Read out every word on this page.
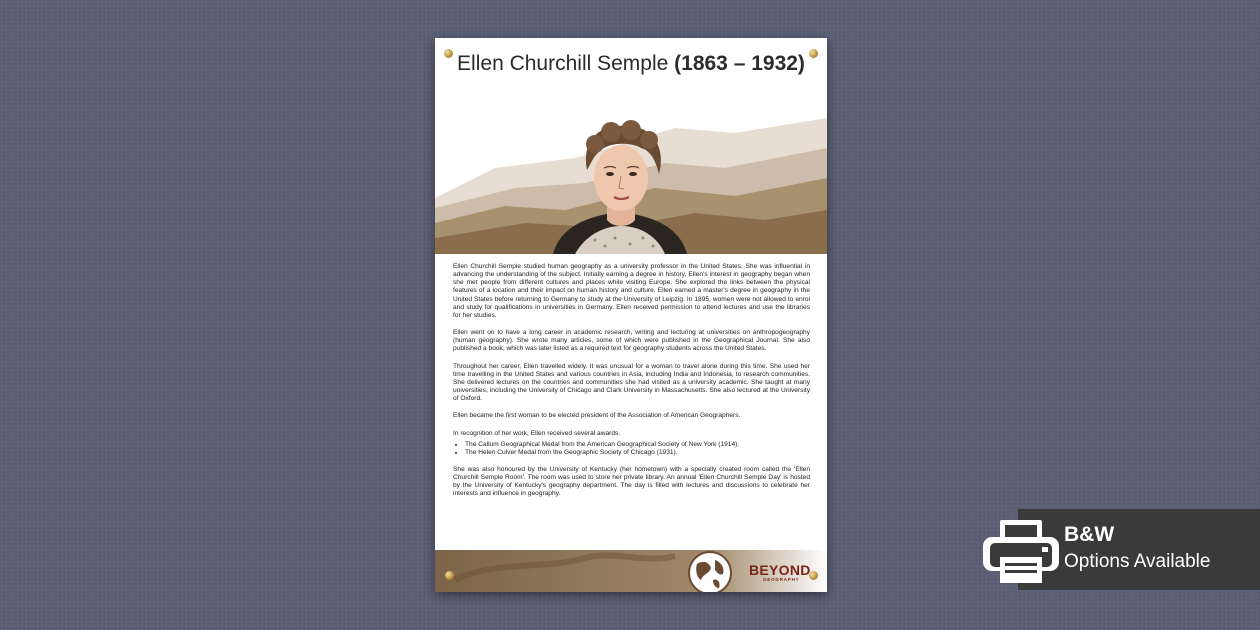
Ellen Churchill Semple (1863 – 1932)

Ellen Churchill Semple studied human geography as a university professor in the United States. She was influential in advancing the understanding of the subject. Initially earning a degree in history, Ellen's interest in geography began when she met people from different cultures and places while visiting Europe. She explored the links between the physical features of a location and their impact on human history and culture. Ellen earned a master's degree in geography in the United States before returning to Germany to study at the University of Leipzig. In 1895, women were not allowed to enrol and study for qualifications in universities in Germany. Ellen received permission to attend lectures and use the libraries for her studies.

Ellen went on to have a long career in academic research, writing and lecturing at universities on anthropogeography (human geography). She wrote many articles, some of which were published in the Geographical Journal. She also published a book, which was later listed as a required text for geography students across the United States.

Throughout her career, Ellen travelled widely. It was unusual for a woman to travel alone during this time. She used her time travelling in the United States and various countries in Asia, including India and Indonesia, to research communities. She delivered lectures on the countries and communities she had visited as a university academic. She taught at many universities, including the University of Chicago and Clark University in Massachusetts. She also lectured at the University of Oxford.

Ellen became the first woman to be elected president of the Association of American Geographers.

In recognition of her work, Ellen received several awards.

• The Callum Geographical Medal from the American Geographical Society of New York (1914).
• The Helen Culver Medal from the Geographic Society of Chicago (1931).

She was also honoured by the University of Kentucky (her hometown) with a specially created room called the 'Ellen Churchill Semple Room'. The room was used to store her private library. An annual 'Ellen Churchill Semple Day' is hosted by the University of Kentucky's geography department. The day is filled with lectures and discussions to celebrate her interests and influence in geography.

BEYOND
GEOGRAPHY
B&W
Options Available
